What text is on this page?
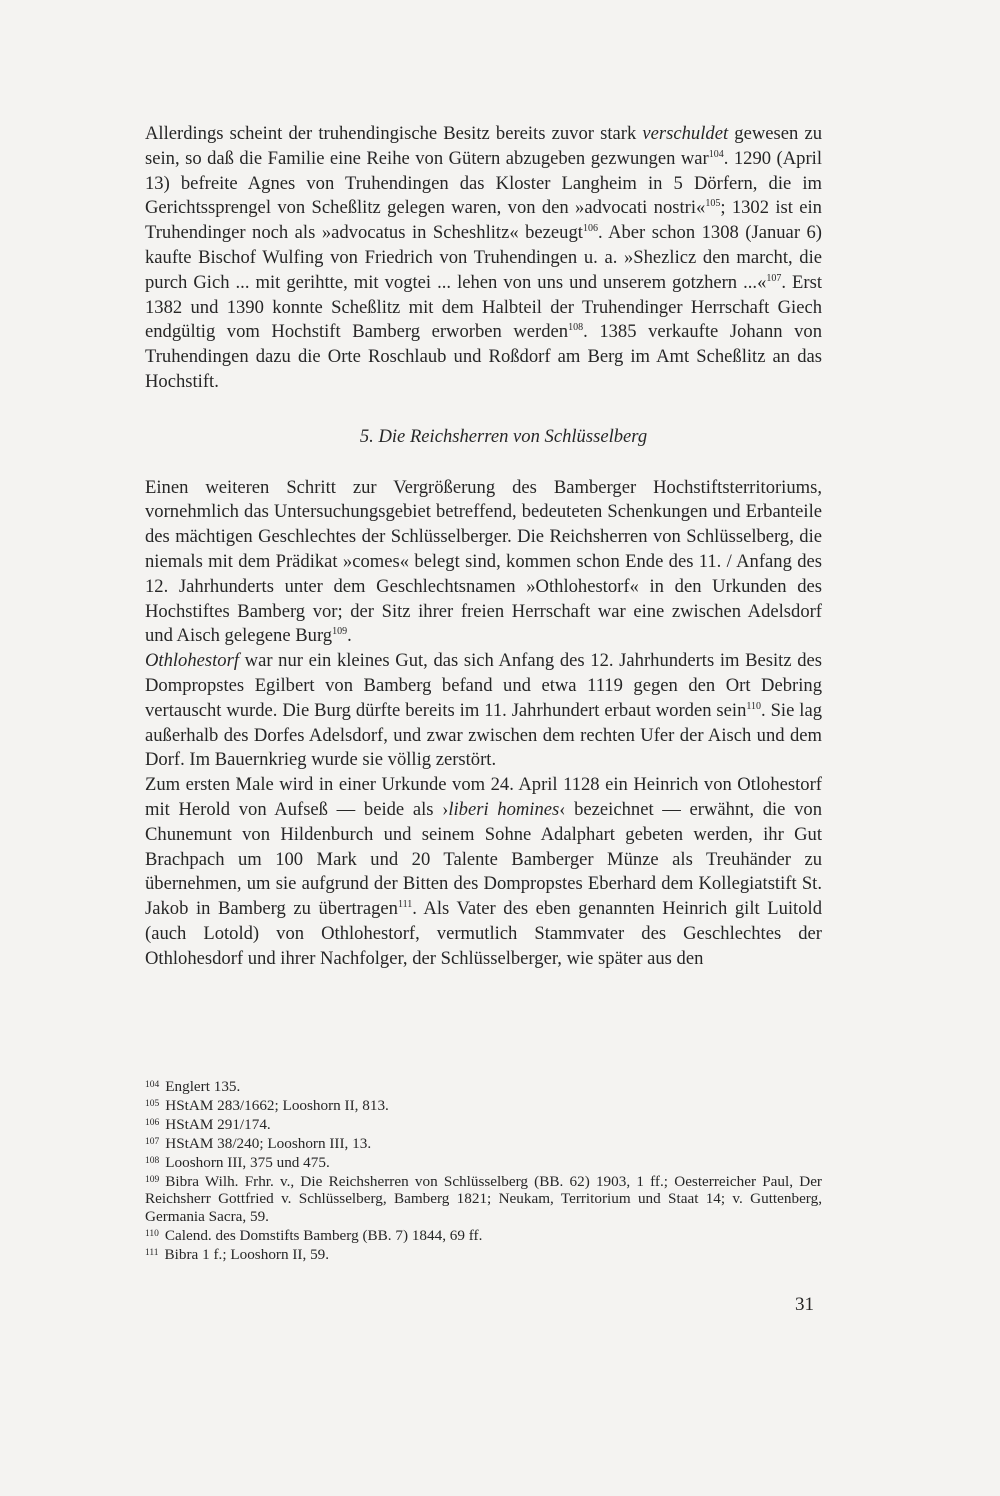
Allerdings scheint der truhendingische Besitz bereits zuvor stark verschuldet gewesen zu sein, so daß die Familie eine Reihe von Gütern abzugeben gezwungen war$^{104}$. 1290 (April 13) befreite Agnes von Truhendingen das Kloster Langheim in 5 Dörfern, die im Gerichtssprengel von Scheßlitz gelegen waren, von den »advocati nostri«$^{105}$; 1302 ist ein Truhendinger noch als »advocatus in Scheshlitz« bezeugt$^{106}$. Aber schon 1308 (Januar 6) kaufte Bischof Wulfing von Friedrich von Truhendingen u. a. »Shezlicz den marcht, die purch Gich ... mit gerihtte, mit vogtei ... lehen von uns und unserem gotzhern ...«$^{107}$. Erst 1382 und 1390 konnte Scheßlitz mit dem Halbteil der Truhendinger Herrschaft Giech endgültig vom Hochstift Bamberg erworben werden$^{108}$. 1385 verkaufte Johann von Truhendingen dazu die Orte Roschlaub und Roßdorf am Berg im Amt Scheßlitz an das Hochstift.

5. Die Reichsherren von Schlüsselberg

Einen weiteren Schritt zur Vergrößerung des Bamberger Hochstiftsterritoriums, vornehmlich das Untersuchungsgebiet betreffend, bedeuteten Schenkungen und Erbanteile des mächtigen Geschlechtes der Schlüsselberger. Die Reichsherren von Schlüsselberg, die niemals mit dem Prädikat »comes« belegt sind, kommen schon Ende des 11. / Anfang des 12. Jahrhunderts unter dem Geschlechtsnamen »Othlohestorf« in den Urkunden des Hochstiftes Bamberg vor; der Sitz ihrer freien Herrschaft war eine zwischen Adelsdorf und Aisch gelegene Burg$^{109}$.

Othlohestorf war nur ein kleines Gut, das sich Anfang des 12. Jahrhunderts im Besitz des Dompropstes Egilbert von Bamberg befand und etwa 1119 gegen den Ort Debring vertauscht wurde. Die Burg dürfte bereits im 11. Jahrhundert erbaut worden sein$^{110}$. Sie lag außerhalb des Dorfes Adelsdorf, und zwar zwischen dem rechten Ufer der Aisch und dem Dorf. Im Bauernkrieg wurde sie völlig zerstört.

Zum ersten Male wird in einer Urkunde vom 24. April 1128 ein Heinrich von Otlohestorf mit Herold von Aufseß — beide als ›liberi homines‹ bezeichnet — erwähnt, die von Chunemunt von Hildenburch und seinem Sohne Adalphart gebeten werden, ihr Gut Brachpach um 100 Mark und 20 Talente Bamberger Münze als Treuhänder zu übernehmen, um sie aufgrund der Bitten des Dompropstes Eberhard dem Kollegiatstift St. Jakob in Bamberg zu übertragen$^{111}$. Als Vater des eben genannten Heinrich gilt Luitold (auch Lotold) von Othlohestorf, vermutlich Stammvater des Geschlechtes der Othlohesdorf und ihrer Nachfolger, der Schlüsselberger, wie später aus den

$^{104}$ Englert 135.
$^{105}$ HStAM 283/1662; Looshorn II, 813.
$^{106}$ HStAM 291/174.
$^{107}$ HStAM 38/240; Looshorn III, 13.
$^{108}$ Looshorn III, 375 und 475.
$^{109}$ Bibra Wilh. Frhr. v., Die Reichsherren von Schlüsselberg (BB. 62) 1903, 1 ff.; Oesterreicher Paul, Der Reichsherr Gottfried v. Schlüsselberg, Bamberg 1821; Neukam, Territorium und Staat 14; v. Guttenberg, Germania Sacra, 59.
$^{110}$ Calend. des Domstifts Bamberg (BB. 7) 1844, 69 ff.
$^{111}$ Bibra 1 f.; Looshorn II, 59.
31
